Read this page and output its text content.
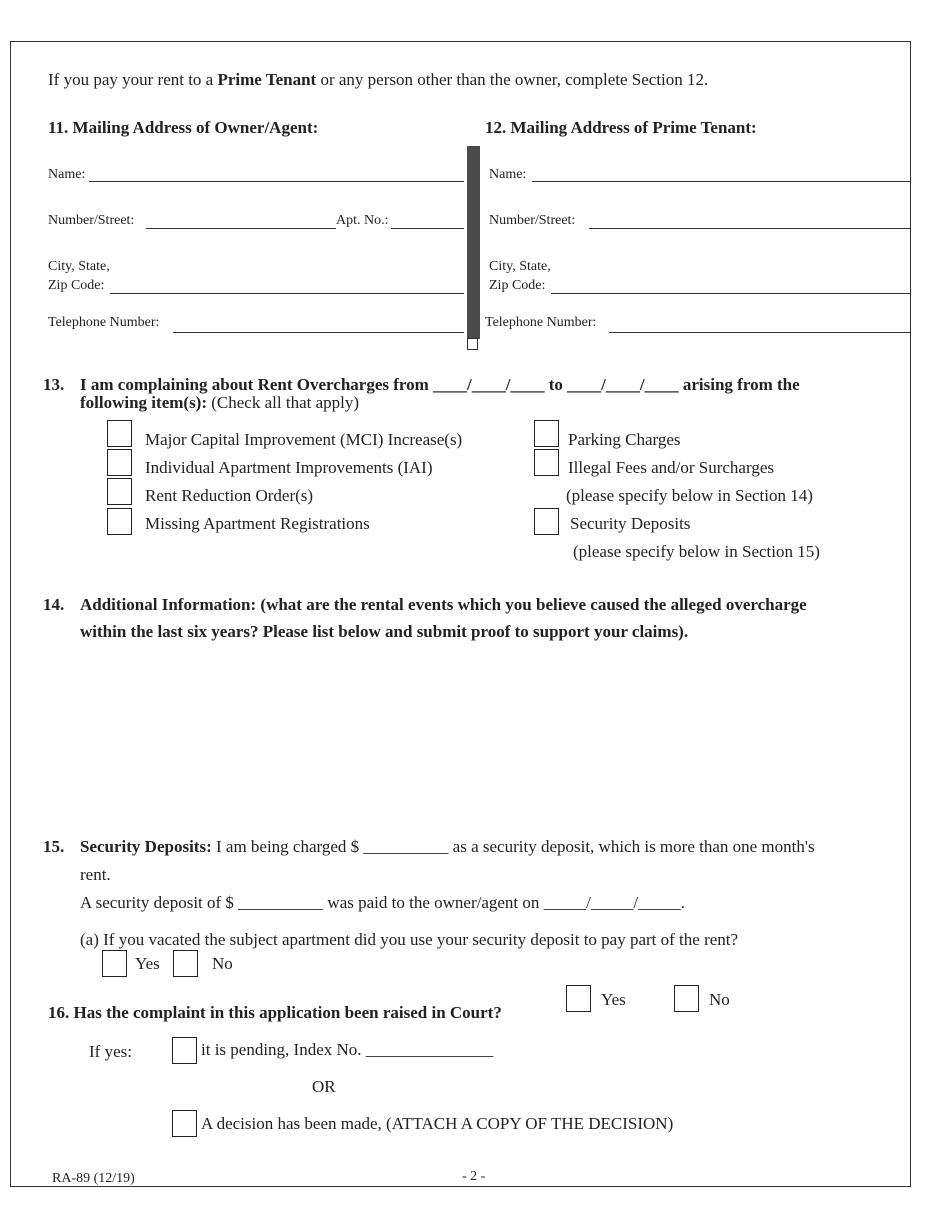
If you pay your rent to a Prime Tenant or any person other than the owner, complete Section 12.
11. Mailing Address of Owner/Agent:
Name:
Number/Street:	Apt. No.:
City, State,
Zip Code:
Telephone Number:
12. Mailing Address of Prime Tenant:
Name:
Number/Street:
City, State,
Zip Code:
Telephone Number:
13. I am complaining about Rent Overcharges from ____/____/____ to ____/____/____ arising from the
following item(s): (Check all that apply)
Major Capital Improvement (MCI) Increase(s)
Individual Apartment Improvements (IAI)
Rent Reduction Order(s)
Missing Apartment Registrations
Parking Charges
Illegal Fees and/or Surcharges
(please specify below in Section 14)
Security Deposits
(please specify below in Section 15)
14. Additional Information: (what are the rental events which you believe caused the alleged overcharge
within the last six years? Please list below and submit proof to support your claims).
15. Security Deposits: I am being charged $ __________ as a security deposit, which is more than one month's
rent.
A security deposit of $ __________ was paid to the owner/agent on _____/_____/_____.
(a) If you vacated the subject apartment did you use your security deposit to pay part of the rent?
Yes	No
16. Has the complaint in this application been raised in Court?
Yes	No
If yes:	it is pending, Index No. _______________
OR
A decision has been made, (ATTACH A COPY OF THE DECISION)
RA-89 (12/19)	- 2 -
